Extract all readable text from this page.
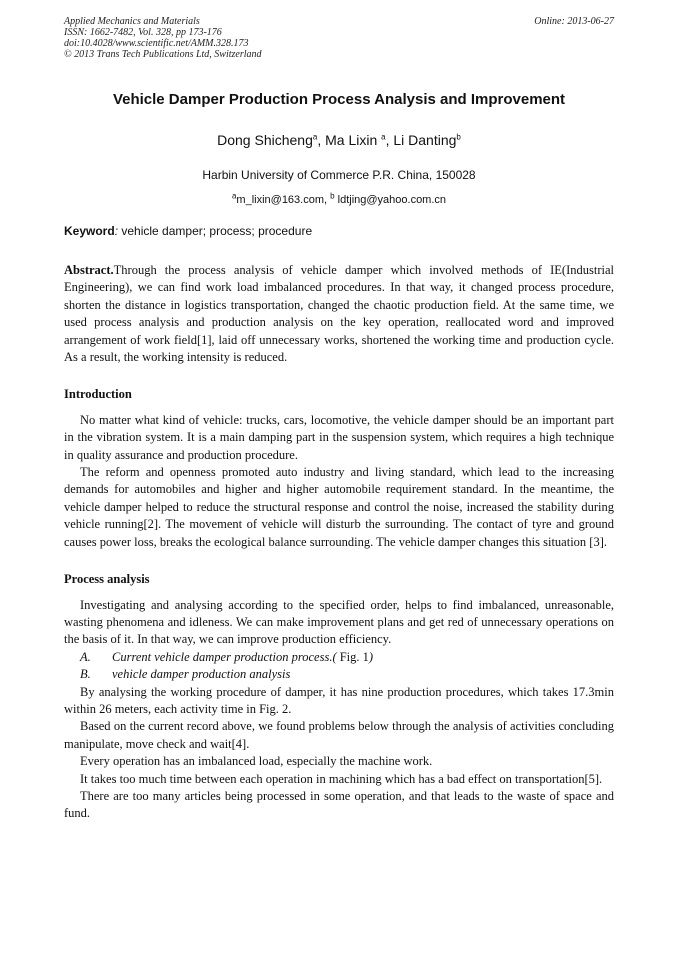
Applied Mechanics and Materials
ISSN: 1662-7482, Vol. 328, pp 173-176
doi:10.4028/www.scientific.net/AMM.328.173
© 2013 Trans Tech Publications Ltd, Switzerland
Online: 2013-06-27
Vehicle Damper Production Process Analysis and Improvement
Dong Shicheng$^a$, Ma Lixin $^a$, Li Danting$^b$
Harbin University of Commerce P.R. China, 150028
$^a$m_lixin@163.com, $^b$ ldtjing@yahoo.com.cn
Keyword: vehicle damper; process; procedure

Abstract.Through the process analysis of vehicle damper which involved methods of IE(Industrial Engineering), we can find work load imbalanced procedures. In that way, it changed process procedure, shorten the distance in logistics transportation, changed the chaotic production field. At the same time, we used process analysis and production analysis on the key operation, reallocated word and improved arrangement of work field[1], laid off unnecessary works, shortened the working time and production cycle. As a result, the working intensity is reduced.

Introduction

No matter what kind of vehicle: trucks, cars, locomotive, the vehicle damper should be an important part in the vibration system. It is a main damping part in the suspension system, which requires a high technique in quality assurance and production procedure.

The reform and openness promoted auto industry and living standard, which lead to the increasing demands for automobiles and higher and higher automobile requirement standard. In the meantime, the vehicle damper helped to reduce the structural response and control the noise, increased the stability during vehicle running[2]. The movement of vehicle will disturb the surrounding. The contact of tyre and ground causes power loss, breaks the ecological balance surrounding. The vehicle damper changes this situation [3].

Process analysis

Investigating and analysing according to the specified order, helps to find imbalanced, unreasonable, wasting phenomena and idleness. We can make improvement plans and get red of unnecessary operations on the basis of it. In that way, we can improve production efficiency.

A. Current vehicle damper production process.( Fig. 1)

B. vehicle damper production analysis

By analysing the working procedure of damper, it has nine production procedures, which takes 17.3min within 26 meters, each activity time in Fig. 2.

Based on the current record above, we found problems below through the analysis of activities concluding manipulate, move check and wait[4].

Every operation has an imbalanced load, especially the machine work.

It takes too much time between each operation in machining which has a bad effect on transportation[5].

There are too many articles being processed in some operation, and that leads to the waste of space and fund.
